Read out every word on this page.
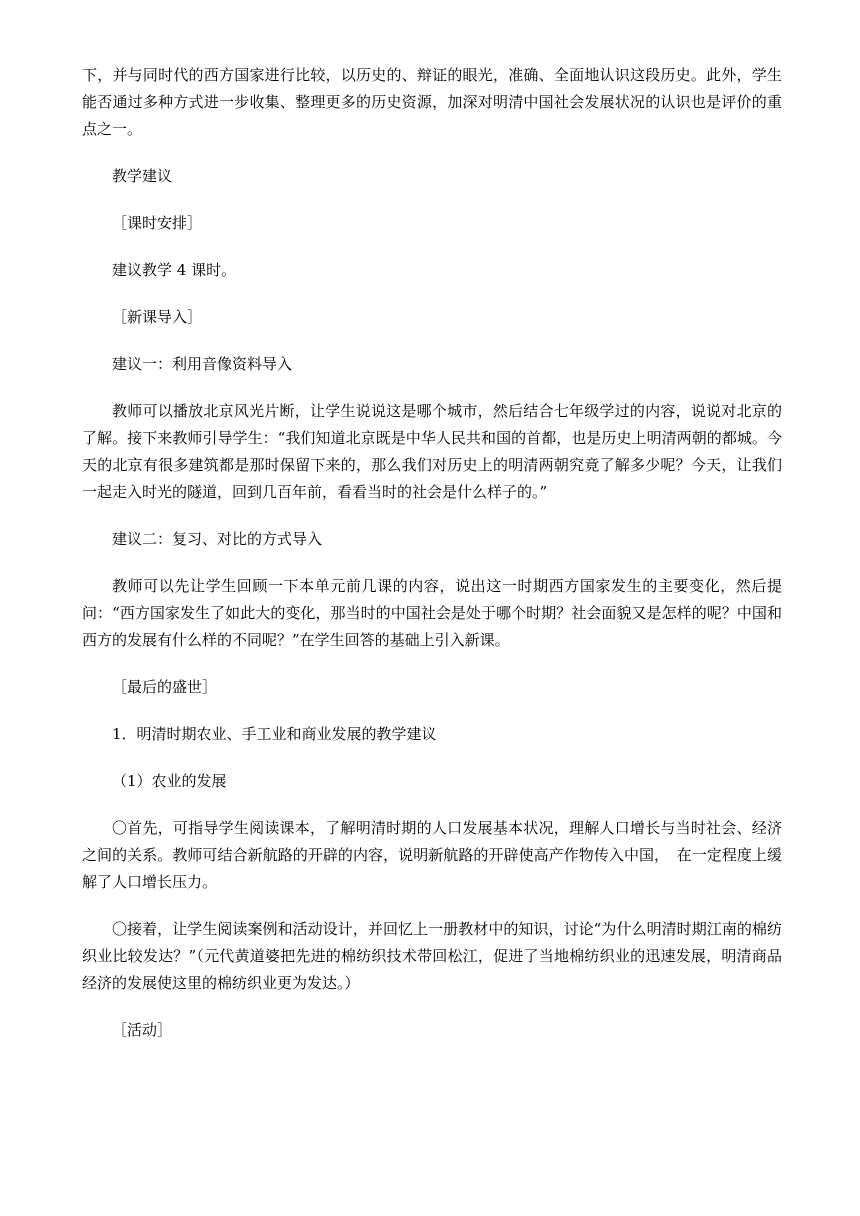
下，并与同时代的西方国家进行比较，以历史的、辩证的眼光，准确、全面地认识这段历史。此外，学生能否通过多种方式进一步收集、整理更多的历史资源，加深对明清中国社会发展状况的认识也是评价的重点之一。

教学建议

［课时安排］

建议教学 4 课时。

［新课导入］

建议一：利用音像资料导入

教师可以播放北京风光片断，让学生说说这是哪个城市，然后结合七年级学过的内容，说说对北京的了解。接下来教师引导学生：“我们知道北京既是中华人民共和国的首都，也是历史上明清两朝的都城。今天的北京有很多建筑都是那时保留下来的，那么我们对历史上的明清两朝究竟了解多少呢？今天，让我们一起走入时光的隧道，回到几百年前，看看当时的社会是什么样子的。”

建议二：复习、对比的方式导入

教师可以先让学生回顾一下本单元前几课的内容，说出这一时期西方国家发生的主要变化，然后提问：“西方国家发生了如此大的变化，那当时的中国社会是处于哪个时期？社会面貌又是怎样的呢？中国和西方的发展有什么样的不同呢？”在学生回答的基础上引入新课。

［最后的盛世］

1．明清时期农业、手工业和商业发展的教学建议

（1）农业的发展

〇首先，可指导学生阅读课本，了解明清时期的人口发展基本状况，理解人口增长与当时社会、经济之间的关系。教师可结合新航路的开辟的内容，说明新航路的开辟使高产作物传入中国，　在一定程度上缓解了人口增长压力。

〇接着，让学生阅读案例和活动设计，并回忆上一册教材中的知识，讨论“为什么明清时期江南的棉纺织业比较发达？”（元代黄道婆把先进的棉纺织技术带回松江，促进了当地棉纺织业的迅速发展，明清商品经济的发展使这里的棉纺织业更为发达。）

［活动］
